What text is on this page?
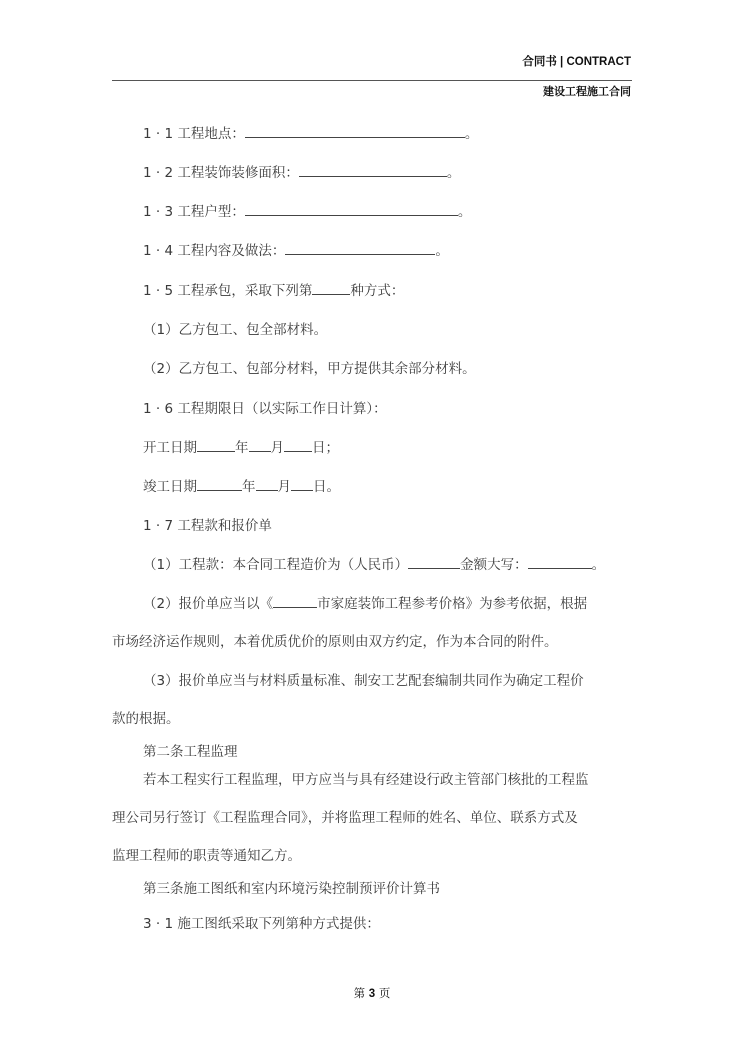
合同书 | CONTRACT
建设工程施工合同
1 · 1 工程地点：	。
1 · 2 工程装饰装修面积：	。
1 · 3 工程户型：	。
1 · 4 工程内容及做法：	。
1 · 5 工程承包，采取下列第	种方式：
（1）乙方包工、包全部材料。
（2）乙方包工、包部分材料，甲方提供其余部分材料。
1 · 6 工程期限日（以实际工作日计算）：
开工日期	年 月 日；
竣工日期	年 月 日。
1 · 7 工程款和报价单
（1）工程款：本合同工程造价为（人民币）	金额大写：	。
（2）报价单应当以《	市家庭装饰工程参考价格》为参考依据，根据
市场经济运作规则，本着优质优价的原则由双方约定，作为本合同的附件。
（3）报价单应当与材料质量标准、制安工艺配套编制共同作为确定工程价
款的根据。
第二条工程监理
若本工程实行工程监理，甲方应当与具有经建设行政主管部门核批的工程监
理公司另行签订《工程监理合同》，并将监理工程师的姓名、单位、联系方式及
监理工程师的职责等通知乙方。
第三条施工图纸和室内环境污染控制预评价计算书
3 · 1 施工图纸采取下列第种方式提供：
第 3 页
